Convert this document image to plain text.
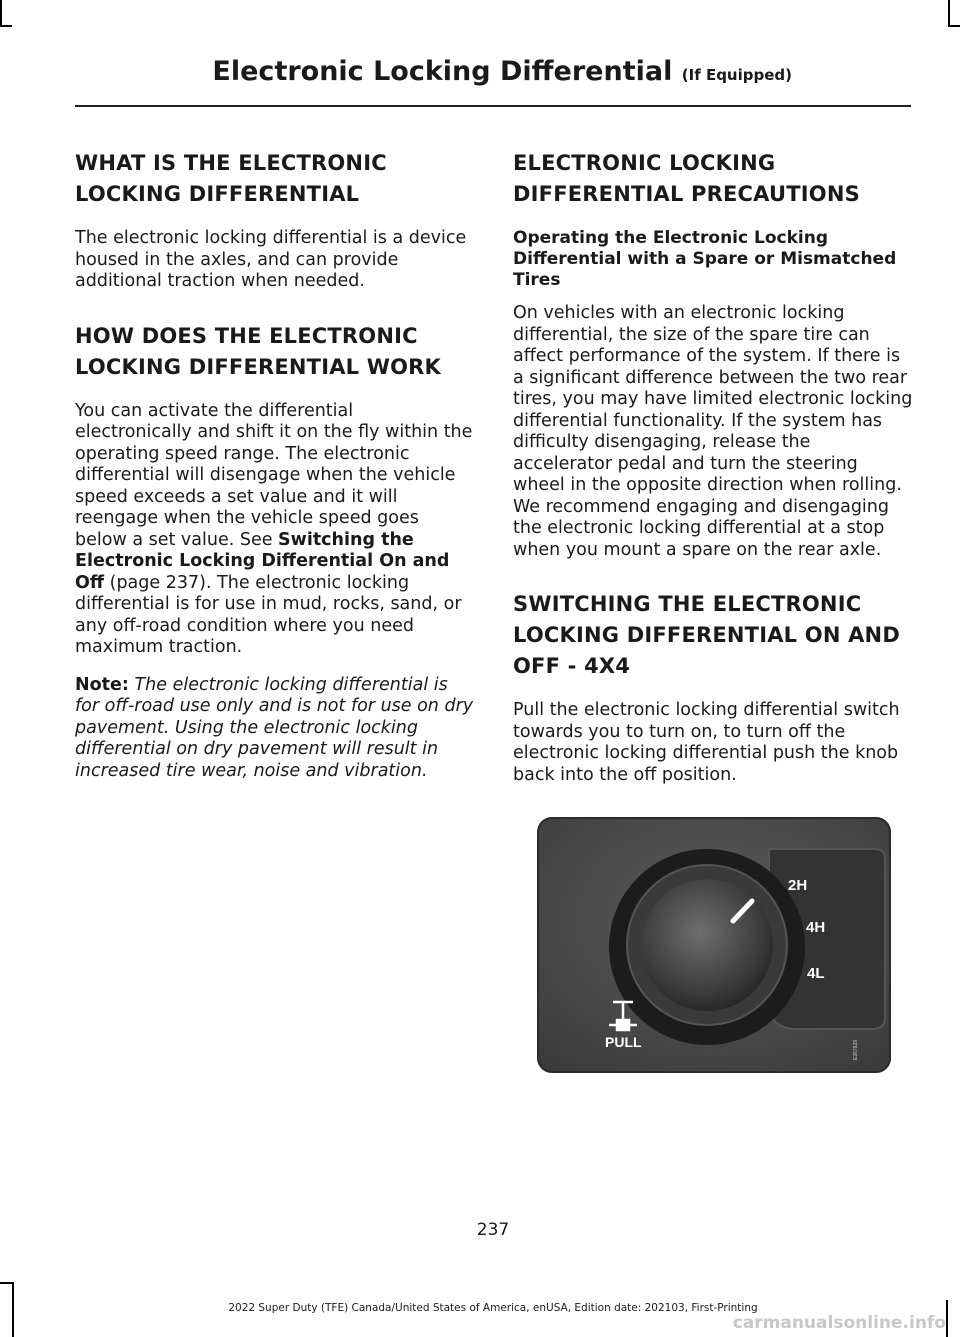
Electronic Locking Differential (If Equipped)
WHAT IS THE ELECTRONIC LOCKING DIFFERENTIAL

The electronic locking differential is a device housed in the axles, and can provide additional traction when needed.

HOW DOES THE ELECTRONIC LOCKING DIFFERENTIAL WORK

You can activate the differential electronically and shift it on the fly within the operating speed range. The electronic differential will disengage when the vehicle speed exceeds a set value and it will reengage when the vehicle speed goes below a set value. See Switching the Electronic Locking Differential On and Off (page 237). The electronic locking differential is for use in mud, rocks, sand, or any off-road condition where you need maximum traction.

Note: The electronic locking differential is for off-road use only and is not for use on dry pavement. Using the electronic locking differential on dry pavement will result in increased tire wear, noise and vibration.

ELECTRONIC LOCKING DIFFERENTIAL PRECAUTIONS
Operating the Electronic Locking Differential with a Spare or Mismatched Tires

On vehicles with an electronic locking differential, the size of the spare tire can affect performance of the system. If there is a significant difference between the two rear tires, you may have limited electronic locking differential functionality. If the system has difficulty disengaging, release the accelerator pedal and turn the steering wheel in the opposite direction when rolling. We recommend engaging and disengaging the electronic locking differential at a stop when you mount a spare on the rear axle.

SWITCHING THE ELECTRONIC LOCKING DIFFERENTIAL ON AND OFF - 4X4

Pull the electronic locking differential switch towards you to turn on, to turn off the electronic locking differential push the knob back into the off position.

2H
4H
4L
PULL	E267929
237
2022 Super Duty (TFE) Canada/United States of America, enUSA, Edition date: 202103, First-Printing
carmanualsonline.info
